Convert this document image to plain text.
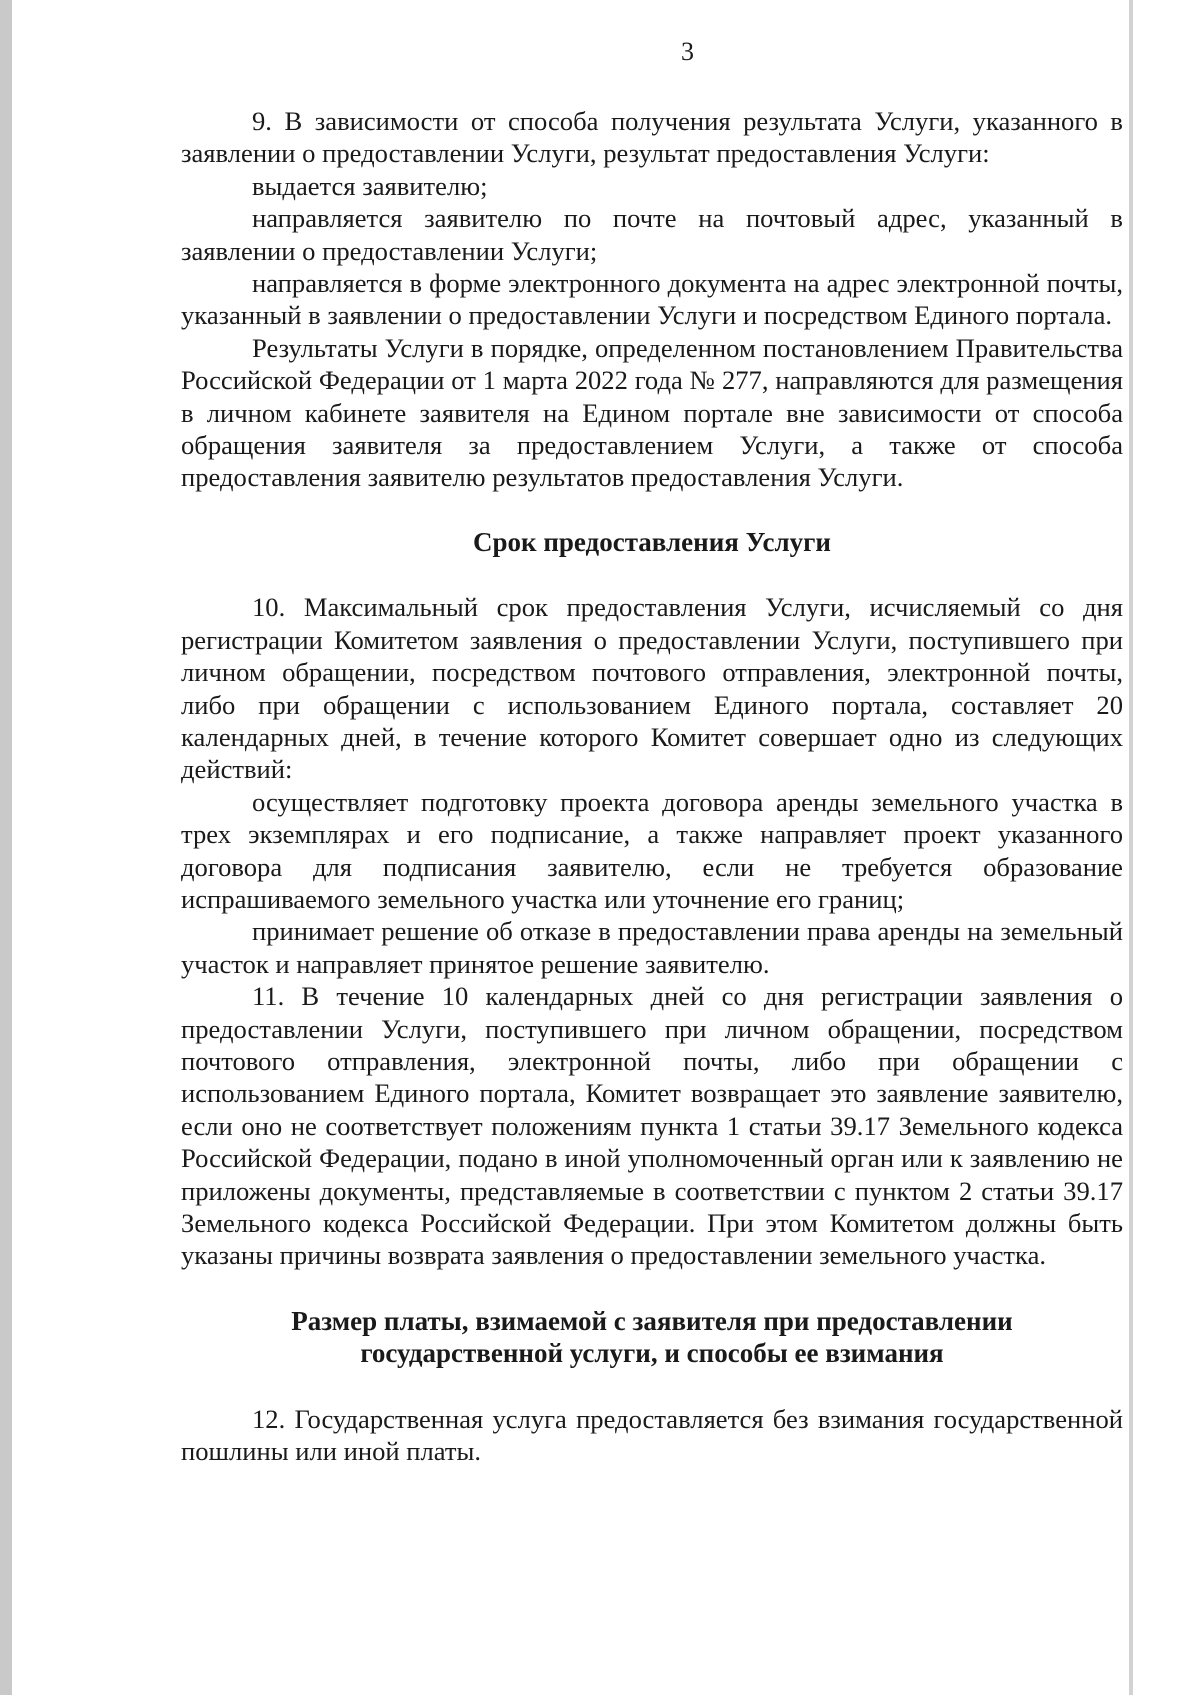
3

9. В зависимости от способа получения результата Услуги, указанного в заявлении о предоставлении Услуги, результат предоставления Услуги:

выдается заявителю;

направляется заявителю по почте на почтовый адрес, указанный в заявлении о предоставлении Услуги;

направляется в форме электронного документа на адрес электронной почты, указанный в заявлении о предоставлении Услуги и посредством Единого портала.

Результаты Услуги в порядке, определенном постановлением Правительства Российской Федерации от 1 марта 2022 года № 277, направляются для размещения в личном кабинете заявителя на Едином портале вне зависимости от способа обращения заявителя за предоставлением Услуги, а также от способа предоставления заявителю результатов предоставления Услуги.

Срок предоставления Услуги

10. Максимальный срок предоставления Услуги, исчисляемый со дня регистрации Комитетом заявления о предоставлении Услуги, поступившего при личном обращении, посредством почтового отправления, электронной почты, либо при обращении с использованием Единого портала, составляет 20 календарных дней, в течение которого Комитет совершает одно из следующих действий:

осуществляет подготовку проекта договора аренды земельного участка в трех экземплярах и его подписание, а также направляет проект указанного договора для подписания заявителю, если не требуется образование испрашиваемого земельного участка или уточнение его границ;

принимает решение об отказе в предоставлении права аренды на земельный участок и направляет принятое решение заявителю.

11. В течение 10 календарных дней со дня регистрации заявления о предоставлении Услуги, поступившего при личном обращении, посредством почтового отправления, электронной почты, либо при обращении с использованием Единого портала, Комитет возвращает это заявление заявителю, если оно не соответствует положениям пункта 1 статьи 39.17 Земельного кодекса Российской Федерации, подано в иной уполномоченный орган или к заявлению не приложены документы, представляемые в соответствии с пунктом 2 статьи 39.17 Земельного кодекса Российской Федерации. При этом Комитетом должны быть указаны причины возврата заявления о предоставлении земельного участка.

Размер платы, взимаемой с заявителя при предоставлении
государственной услуги, и способы ее взимания

12. Государственная услуга предоставляется без взимания государственной пошлины или иной платы.
